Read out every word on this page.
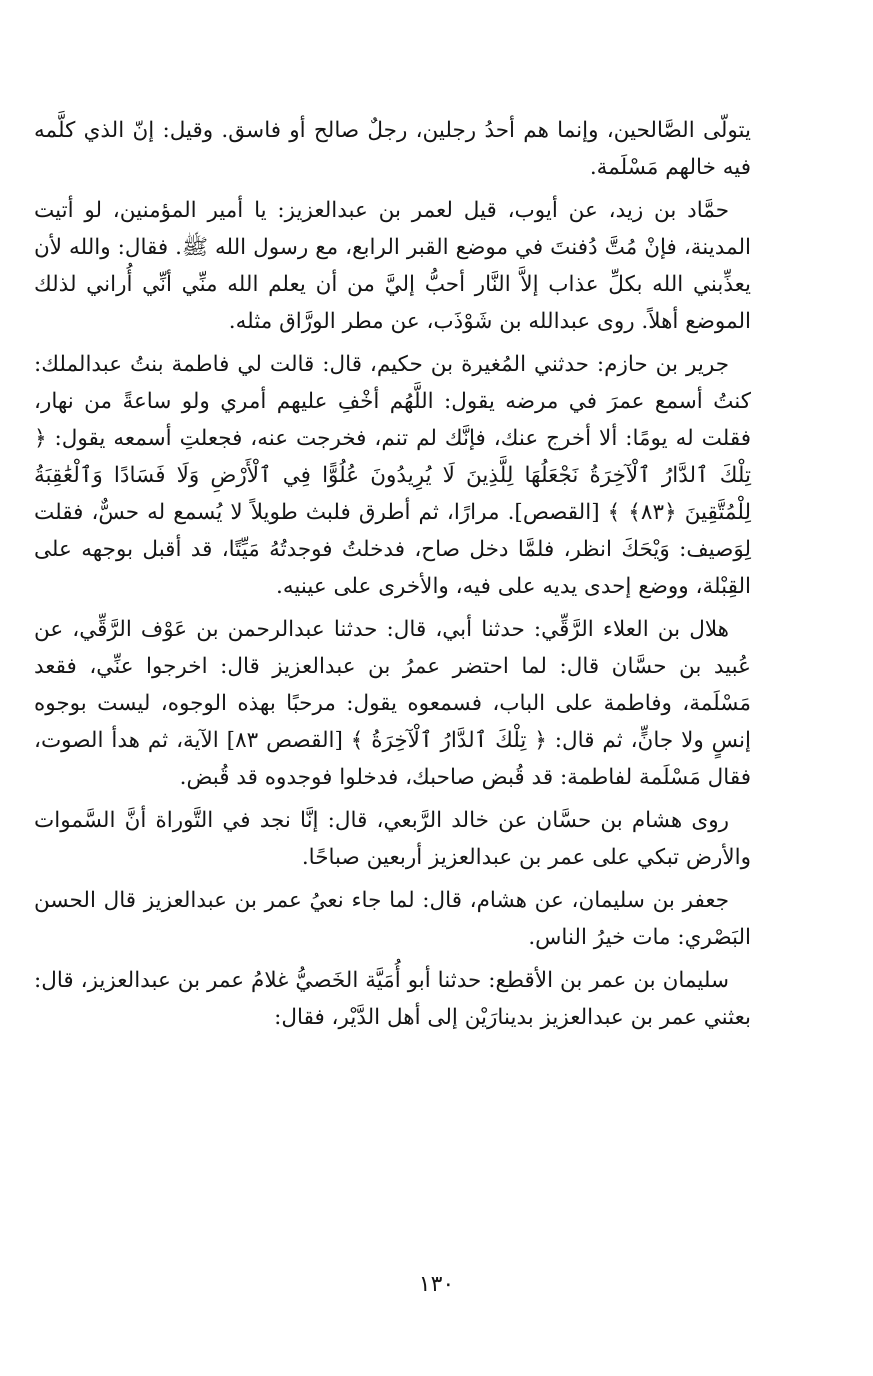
يتولّى الصَّالحين، وإنما هم أحدُ رجلين، رجلٌ صالح أو فاسق. وقيل: إنّ الذي كلَّمه فيه خالهم مَسْلَمة.

حمَّاد بن زيد، عن أيوب، قيل لعمر بن عبدالعزيز: يا أمير المؤمنين، لو أتيت المدينة، فإنْ مُتَّ دُفنتَ في موضع القبر الرابع، مع رسول الله ﷺ. فقال: والله لأن يعذِّبني الله بكلِّ عذاب إلاَّ النَّار أحبُّ إليَّ من أن يعلم الله منِّي أنِّي أُراني لذلك الموضع أهلاً. روى عبدالله بن شَوْذَب، عن مطر الورَّاق مثله.

جرير بن حازم: حدثني المُغيرة بن حكيم، قال: قالت لي فاطمة بنتُ عبدالملك: كنتُ أسمع عمرَ في مرضه يقول: اللَّهُم أخْفِ عليهم أمري ولو ساعةً من نهار، فقلت له يومًا: ألا أخرج عنك، فإنَّك لم تنم، فخرجت عنه، فجعلتِ أسمعه يقول: ﴿ تِلْكَ ٱلدَّارُ ٱلْآخِرَةُ نَجْعَلُهَا لِلَّذِينَ لَا يُرِيدُونَ عُلُوًّا فِي ٱلْأَرْضِ وَلَا فَسَادًا وَٱلْعَٰقِبَةُ لِلْمُتَّقِينَ ﴿٨٣﴾ ﴾ [القصص]. مرارًا، ثم أطرق فلبث طويلاً لا يُسمع له حسٌّ، فقلت لِوَصيف: وَيْحَكَ انظر، فلمَّا دخل صاح، فدخلتُ فوجدتُهُ مَيِّتًا، قد أقبل بوجهه على القِبْلة، ووضع إحدى يديه على فيه، والأخرى على عينيه.

هلال بن العلاء الرَّقِّي: حدثنا أبي، قال: حدثنا عبدالرحمن بن عَوْف الرَّقِّي، عن عُبيد بن حسَّان قال: لما احتضر عمرُ بن عبدالعزيز قال: اخرجوا عنِّي، فقعد مَسْلَمة، وفاطمة على الباب، فسمعوه يقول: مرحبًا بهذه الوجوه، ليست بوجوه إنسٍ ولا جانٍّ، ثم قال: ﴿ تِلْكَ ٱلدَّارُ ٱلْآخِرَةُ ﴾ [القصص ٨٣] الآية، ثم هدأ الصوت، فقال مَسْلَمة لفاطمة: قد قُبض صاحبك، فدخلوا فوجدوه قد قُبض.

روى هشام بن حسَّان عن خالد الرَّبعي، قال: إنَّا نجد في التَّوراة أنَّ السَّموات والأرض تبكي على عمر بن عبدالعزيز أربعين صباحًا.

جعفر بن سليمان، عن هشام، قال: لما جاء نعيُ عمر بن عبدالعزيز قال الحسن البَصْري: مات خيرُ الناس.

سليمان بن عمر بن الأقطع: حدثنا أبو أُمَيَّة الخَصيُّ غلامُ عمر بن عبدالعزيز، قال: بعثني عمر بن عبدالعزيز بدينارَيْن إلى أهل الدَّيْر، فقال:

١٣٠
